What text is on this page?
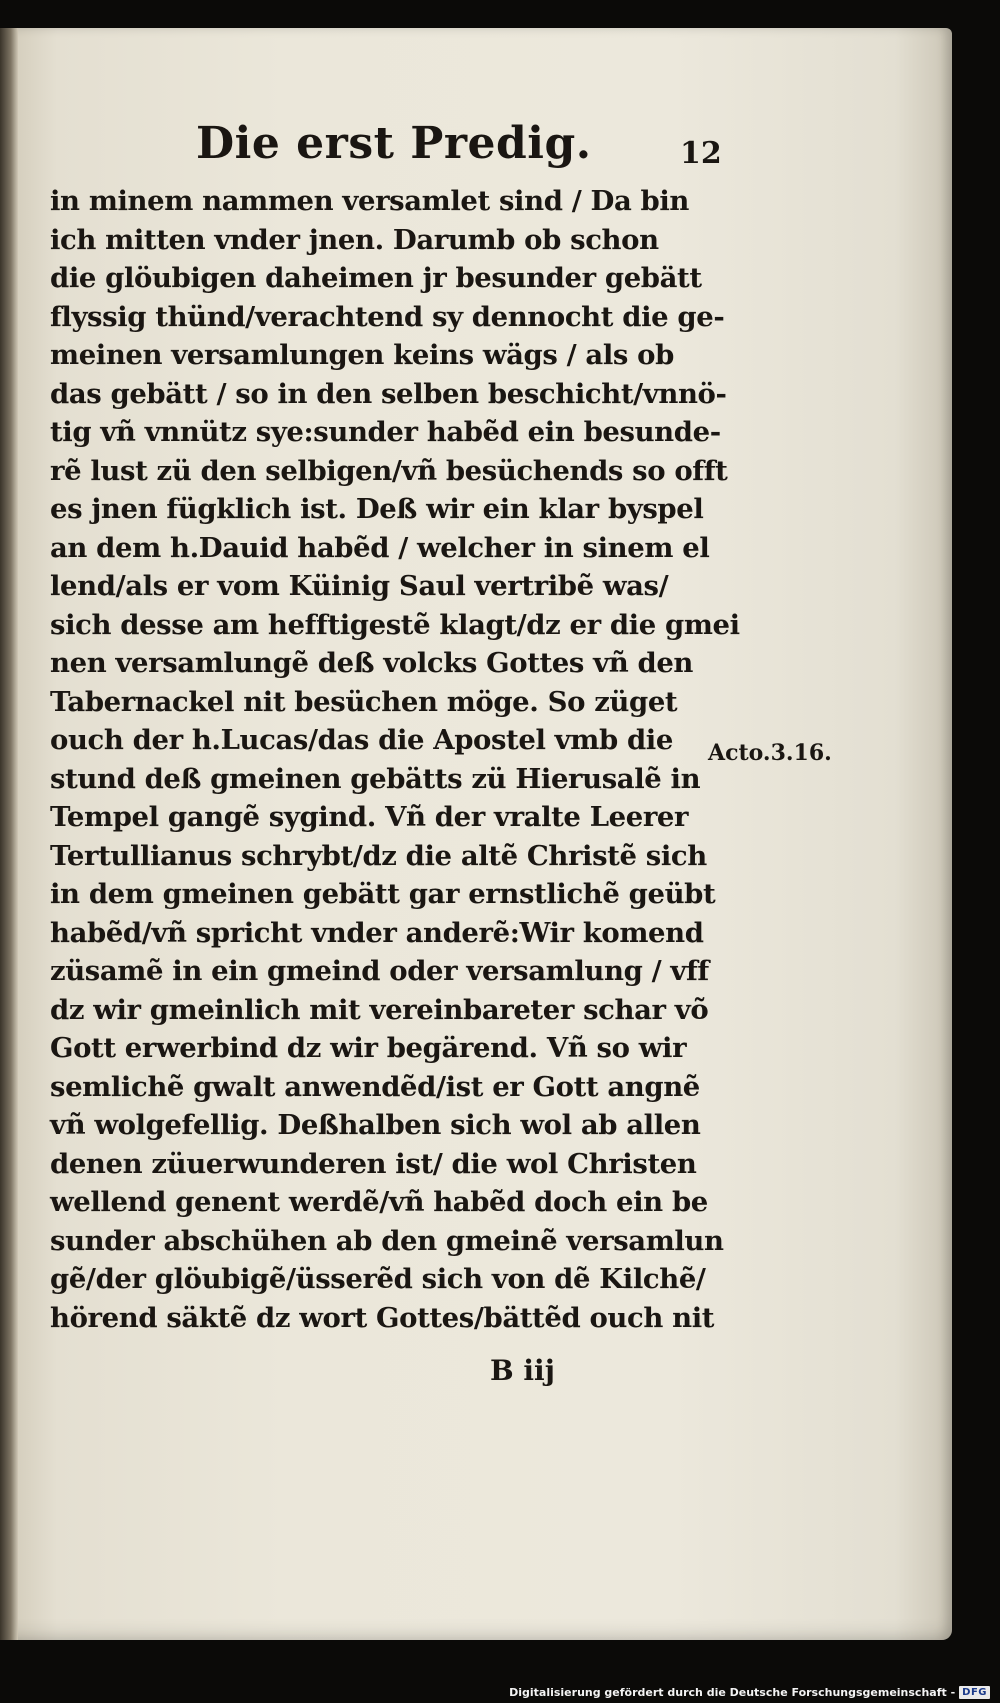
Die erst Predig.	12
in minem nammen versamlet sind / Da bin
ich mitten vnder jnen. Darumb ob schon
die glöubigen daheimen jr besunder gebätt
flyssig thünd/verachtend sy dennocht die ge-
meinen versamlungen keins wägs / als ob
das gebätt / so in den selben beschicht/vnnö-
tig vñ vnnütz sye:sunder habẽd ein besunde-
rẽ lust zü den selbigen/vñ besüchends so offt
es jnen fügklich ist. Deß wir ein klar byspel
an dem h.Dauid habẽd / welcher in sinem el
lend/als er vom Küinig Saul vertribẽ was/
sich desse am hefftigestẽ klagt/dz er die gmei
nen versamlungẽ deß volcks Gottes vñ den
Tabernackel nit besüchen möge. So züget
ouch der h.Lucas/das die Apostel vmb die
stund deß gmeinen gebätts zü Hierusalẽ in
Tempel gangẽ sygind. Vñ der vralte Leerer
Tertullianus schrybt/dz die altẽ Christẽ sich
in dem gmeinen gebätt gar ernstlichẽ geübt
habẽd/vñ spricht vnder anderẽ:Wir komend
züsamẽ in ein gmeind oder versamlung / vff
dz wir gmeinlich mit vereinbareter schar võ
Gott erwerbind dz wir begärend. Vñ so wir
semlichẽ gwalt anwendẽd/ist er Gott angnẽ
vñ wolgefellig. Deßhalben sich wol ab allen
denen züuerwunderen ist/ die wol Christen
wellend genent werdẽ/vñ habẽd doch ein be
sunder abschühen ab den gmeinẽ versamlun
gẽ/der glöubigẽ/üsserẽd sich von dẽ Kilchẽ/
hörend säktẽ dz wort Gottes/bättẽd ouch nit
Acto.3.16.
B iij
Digitalisierung gefördert durch die Deutsche Forschungsgemeinschaft - DFG
